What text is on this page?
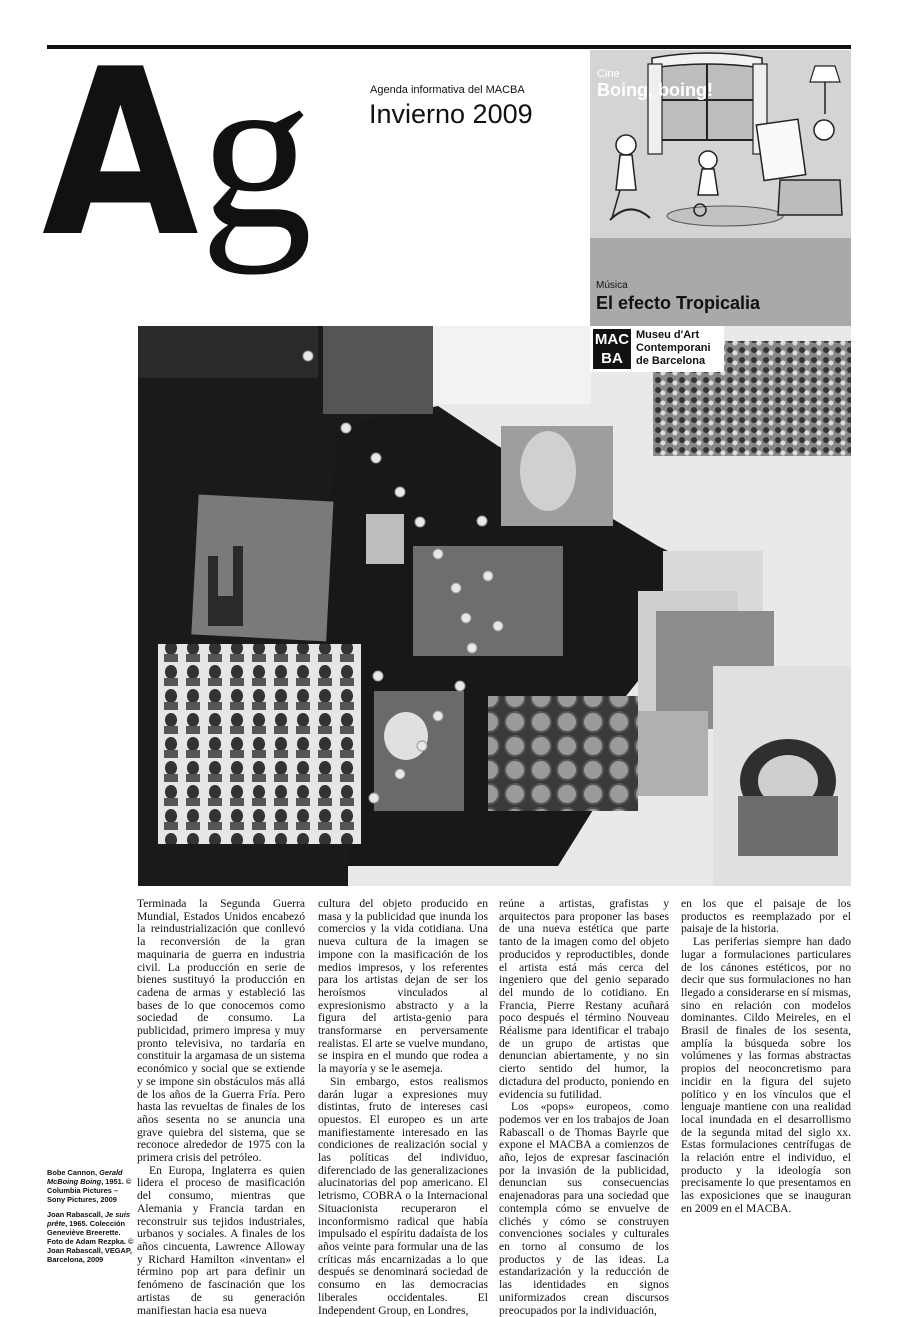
A g	Agenda informativa del MACBA
Invierno 2009
Cine
Boing, boing!
Música
El efecto Tropicalia
MAC
BA
Museu d'Art
Contemporani
de Barcelona

Bobe Cannon, Gerald McBoing Boing, 1951. © Columbia Pictures – Sony Pictures, 2009

Joan Rabascall, Je suis prête, 1965. Colección Geneviève Breerette. Foto de Adam Rezpka. © Joan Rabascall, VEGAP, Barcelona, 2009

Terminada la Segunda Guerra Mundial, Estados Unidos encabezó la reindustrialización que conllevó la reconversión de la gran maquinaria de guerra en industria civil. La producción en serie de bienes sustituyó la producción en cadena de armas y estableció las bases de lo que conocemos como sociedad de consumo. La publicidad, primero impresa y muy pronto televisiva, no tardaría en constituir la argamasa de un sistema económico y social que se extiende y se impone sin obstáculos más allá de los años de la Guerra Fría. Pero hasta las revueltas de finales de los años sesenta no se anuncia una grave quiebra del sistema, que se reconoce alrededor de 1975 con la primera crisis del petróleo.

En Europa, Inglaterra es quien lidera el proceso de masificación del consumo, mientras que Alemania y Francia tardan en reconstruir sus tejidos industriales, urbanos y sociales. A finales de los años cincuenta, Lawrence Alloway y Richard Hamilton «inventan» el término pop art para definir un fenómeno de fascinación que los artistas de su generación manifiestan hacia esa nueva

cultura del objeto producido en masa y la publicidad que inunda los comercios y la vida cotidiana. Una nueva cultura de la imagen se impone con la masificación de los medios impresos, y los referentes para los artistas dejan de ser los heroísmos vinculados al expresionismo abstracto y a la figura del artista-genio para transformarse en perversamente realistas. El arte se vuelve mundano, se inspira en el mundo que rodea a la mayoría y se le asemeja.

Sin embargo, estos realismos darán lugar a expresiones muy distintas, fruto de intereses casi opuestos. El europeo es un arte manifiestamente interesado en las condiciones de realización social y las políticas del individuo, diferenciado de las generalizaciones alucinatorias del pop americano. El letrismo, COBRA o la Internacional Situacionista recuperaron el inconformismo radical que había impulsado el espíritu dadaísta de los años veinte para formular una de las críticas más encarnizadas a lo que después se denominará sociedad de consumo en las democracias liberales occidentales. El Independent Group, en Londres,

reúne a artistas, grafistas y arquitectos para proponer las bases de una nueva estética que parte tanto de la imagen como del objeto producidos y reproductibles, donde el artista está más cerca del ingeniero que del genio separado del mundo de lo cotidiano. En Francia, Pierre Restany acuñará poco después el término Nouveau Réalisme para identificar el trabajo de un grupo de artistas que denuncian abiertamente, y no sin cierto sentido del humor, la dictadura del producto, poniendo en evidencia su futilidad.

Los «pops» europeos, como podemos ver en los trabajos de Joan Rabascall o de Thomas Bayrle que expone el MACBA a comienzos de año, lejos de expresar fascinación por la invasión de la publicidad, denuncian sus consecuencias enajenadoras para una sociedad que contempla cómo se envuelve de clichés y cómo se construyen convenciones sociales y culturales en torno al consumo de los productos y de las ideas. La estandarización y la reducción de las identidades en signos uniformizados crean discursos preocupados por la individuación,

en los que el paisaje de los productos es reemplazado por el paisaje de la historia.

Las periferias siempre han dado lugar a formulaciones particulares de los cánones estéticos, por no decir que sus formulaciones no han llegado a considerarse en sí mismas, sino en relación con modelos dominantes. Cildo Meireles, en el Brasil de finales de los sesenta, amplía la búsqueda sobre los volúmenes y las formas abstractas propios del neoconcretismo para incidir en la figura del sujeto político y en los vínculos que el lenguaje mantiene con una realidad local inundada en el desarrollismo de la segunda mitad del siglo xx. Estas formulaciones centrífugas de la relación entre el individuo, el producto y la ideología son precisamente lo que presentamos en las exposiciones que se inauguran en 2009 en el MACBA.
